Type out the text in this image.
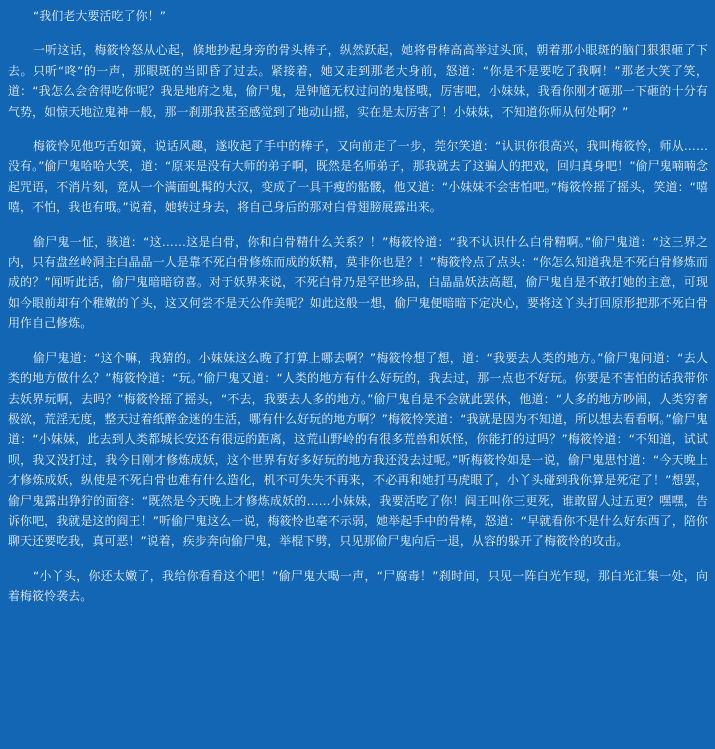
“我们老大要活吃了你！”

一听这话，梅筱怜怒从心起，倏地抄起身旁的骨头棒子，纵然跃起，她将骨棒高高举过头顶，朝着那小眼斑的脑门狠狠砸了下去。只听“咚”的一声，那眼斑的当即昏了过去。紧接着，她又走到那老大身前，怒道：“你是不是要吃了我啊！”那老大笑了笑，道：“我怎么会舍得吃你呢？我是地府之鬼，偷尸鬼，是钟馗无权过问的鬼怪哦，厉害吧，小妹妹，我看你刚才砸那一下砸的十分有气势，如惊天地泣鬼神一般，那一刹那我甚至感觉到了地动山摇，实在是太厉害了！小妹妹，不知道你师从何处啊？”

梅筱怜见他巧舌如簧，说话风趣，遂收起了手中的棒子，又向前走了一步，莞尔笑道：“认识你很高兴，我叫梅筱怜，师从……没有。”偷尸鬼哈哈大笑，道：“原来是没有大师的弟子啊，既然是名师弟子，那我就去了这骗人的把戏，回归真身吧！”偷尸鬼喃喃念起咒语，不消片刻，竟从一个满面虬髯的大汉，变成了一具干瘦的骷髅，他又道：“小妹妹不会害怕吧。”梅筱怜摇了摇头，笑道：“嘻嘻，不怕，我也有哦。”说着，她转过身去，将自己身后的那对白骨翅膀展露出来。

偷尸鬼一怔，骇道：“这……这是白骨，你和白骨精什么关系？！”梅筱怜道：“我不认识什么白骨精啊。”偷尸鬼道：“这三界之内，只有盘丝岭洞主白晶晶一人是靠不死白骨修炼而成的妖精，莫非你也是？！”梅筱怜点了点头：“你怎么知道我是不死白骨修炼而成的？”闻听此话，偷尸鬼暗暗窃喜。对于妖界来说，不死白骨乃是罕世珍品，白晶晶妖法高超，偷尸鬼自是不敢打她的主意，可现如今眼前却有个稚嫩的丫头，这又何尝不是天公作美呢？如此这般一想，偷尸鬼便暗暗下定决心，要将这丫头打回原形把那不死白骨用作自己修炼。

偷尸鬼道：“这个嘛，我猜的。小妹妹这么晚了打算上哪去啊？”梅筱怜想了想，道：“我要去人类的地方。”偷尸鬼问道：“去人类的地方做什么？”梅筱怜道：“玩。”偷尸鬼又道：“人类的地方有什么好玩的，我去过，那一点也不好玩。你要是不害怕的话我带你去妖界玩啊，去吗？”梅筱怜摇了摇头，“不去，我要去人多的地方。”偷尸鬼自是不会就此罢休，他道：“人多的地方吵闹，人类穷奢极欲，荒淫无度，整天过着纸醉金迷的生活，哪有什么好玩的地方啊？”梅筱怜笑道：“我就是因为不知道，所以想去看看啊。”偷尸鬼道：“小妹妹，此去到人类都城长安还有很远的距离，这荒山野岭的有很多荒兽和妖怪，你能打的过吗？”梅筱怜道：“不知道，试试呗，我又没打过，我今日刚才修炼成妖，这个世界有好多好玩的地方我还没去过呢。”听梅筱怜如是一说，偷尸鬼思忖道：“今天晚上才修炼成妖，纵使是不死白骨也难有什么造化，机不可失失不再来，不必再和她打马虎眼了，小丫头碰到我你算是死定了！”想罢，偷尸鬼露出狰狞的面容：“既然是今天晚上才修炼成妖的……小妹妹，我要活吃了你！阎王叫你三更死，谁敢留人过五更？嘿嘿，告诉你吧，我就是这的阎王！”听偷尸鬼这么一说，梅筱怜也毫不示弱，她举起手中的骨棒，怒道：“早就看你不是什么好东西了，陪你聊天还要吃我，真可恶！”说着，疾步奔向偷尸鬼，举棍下劈，只见那偷尸鬼向后一退，从容的躲开了梅筱怜的攻击。

“小丫头，你还太嫩了，我给你看看这个吧！”偷尸鬼大喝一声，“尸腐毒！”刹时间，只见一阵白光乍现，那白光汇集一处，向着梅筱怜袭去。
